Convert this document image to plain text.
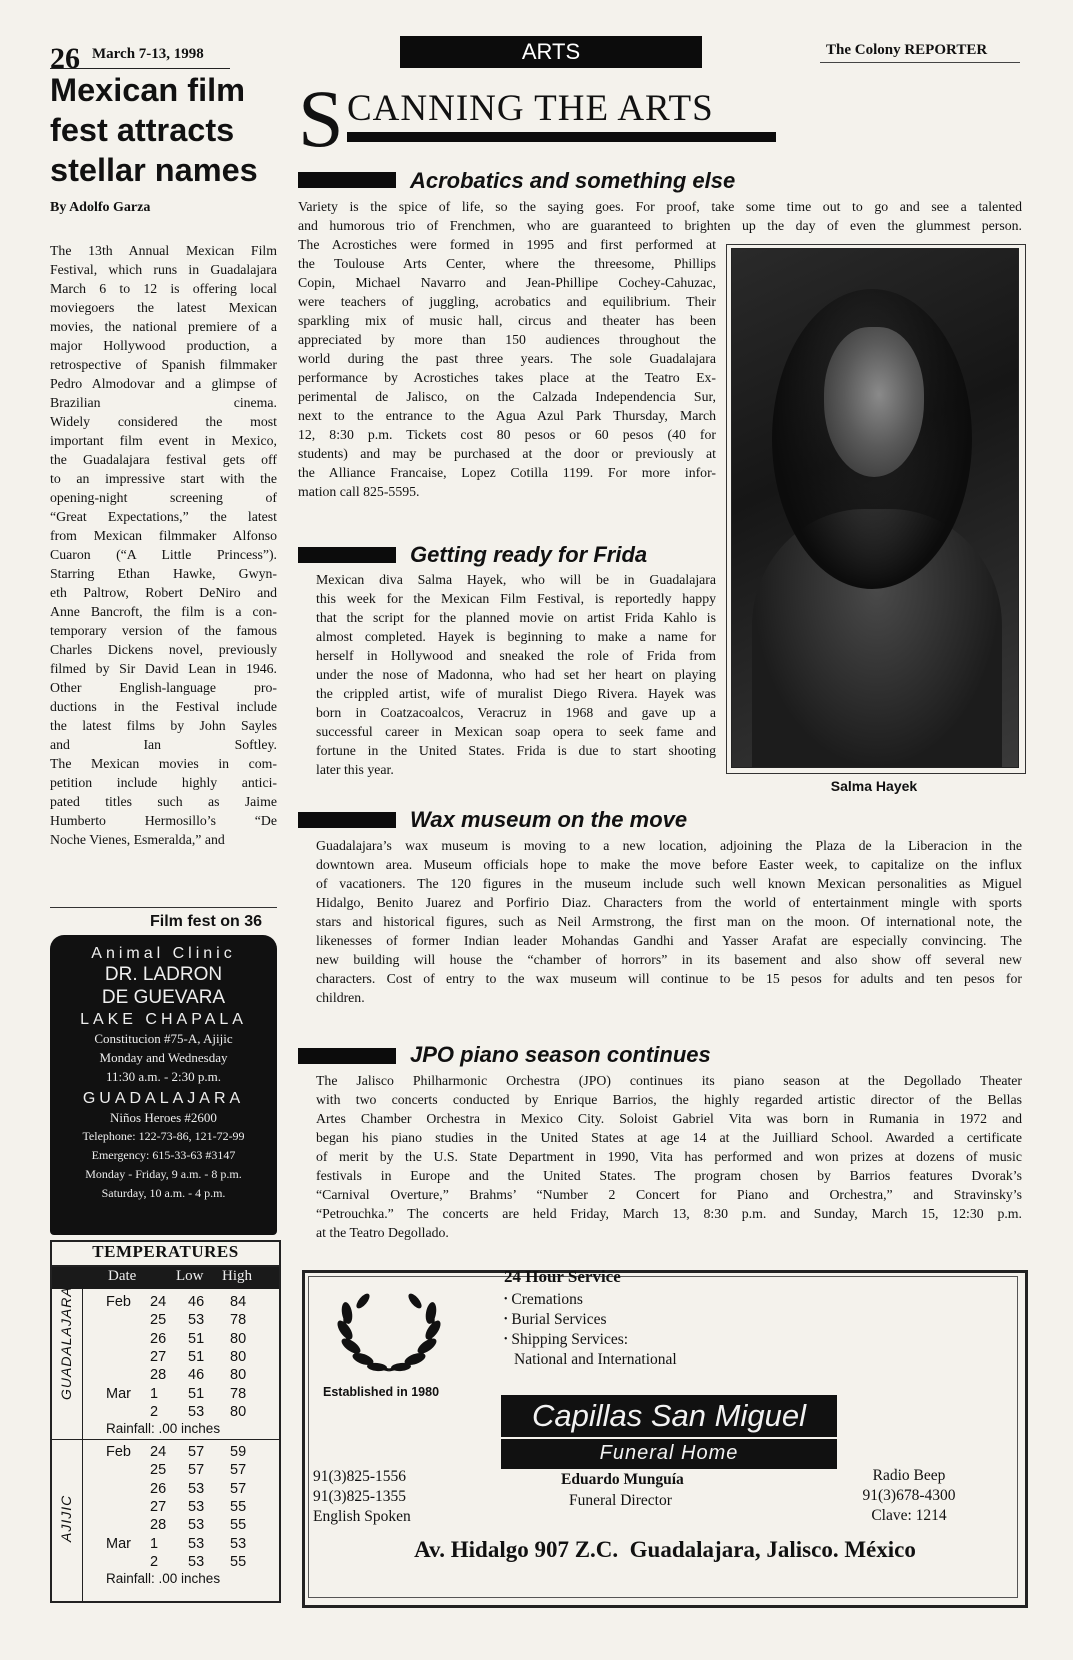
26 March 7-13, 1998	ARTS	The Colony REPORTER
Mexican film
fest attracts
stellar names
By Adolfo Garza
The 13th Annual Mexican Film
Festival, which runs in Guadalajara
March 6 to 12 is offering local
moviegoers the latest Mexican
movies, the national premiere of a
major Hollywood production, a
retrospective of Spanish filmmaker
Pedro Almodovar and a glimpse of
Brazilian cinema.
Widely considered the most
important film event in Mexico,
the Guadalajara festival gets off
to an impressive start with the
opening-night screening of
“Great Expectations,” the latest
from Mexican filmmaker Alfonso
Cuaron (“A Little Princess”).
Starring Ethan Hawke, Gwyn-
eth Paltrow, Robert DeNiro and
Anne Bancroft, the film is a con-
temporary version of the famous
Charles Dickens novel, previously
filmed by Sir David Lean in 1946.
Other English-language pro-
ductions in the Festival include
the latest films by John Sayles
and Ian Softley.
The Mexican movies in com-
petition include highly antici-
pated titles such as Jaime
Humberto Hermosillo’s “De
Noche Vienes, Esmeralda,” and
Film fest on 36
S CANNING THE ARTS
Acrobatics and something else
Variety is the spice of life, so the saying goes. For proof, take some time out to go and see a talented
and humorous trio of Frenchmen, who are guaranteed to brighten up the day of even the glummest person.
The Acrostiches were formed in 1995 and first performed at
the Toulouse Arts Center, where the threesome, Phillips
Copin, Michael Navarro and Jean-Phillipe Cochey-Cahuzac,
were teachers of juggling, acrobatics and equilibrium. Their
sparkling mix of music hall, circus and theater has been
appreciated by more than 150 audiences throughout the
world during the past three years. The sole Guadalajara
performance by Acrostiches takes place at the Teatro Ex-
perimental de Jalisco, on the Calzada Independencia Sur,
next to the entrance to the Agua Azul Park Thursday, March
12, 8:30 p.m. Tickets cost 80 pesos or 60 pesos (40 for
students) and may be purchased at the door or previously at
the Alliance Francaise, Lopez Cotilla 1199. For more infor-
mation call 825-5595.
Salma Hayek
Getting ready for Frida
Mexican diva Salma Hayek, who will be in Guadalajara
this week for the Mexican Film Festival, is reportedly happy
that the script for the planned movie on artist Frida Kahlo is
almost completed. Hayek is beginning to make a name for
herself in Hollywood and sneaked the role of Frida from
under the nose of Madonna, who had set her heart on playing
the crippled artist, wife of muralist Diego Rivera. Hayek was
born in Coatzacoalcos, Veracruz in 1968 and gave up a
successful career in Mexican soap opera to seek fame and
fortune in the United States. Frida is due to start shooting
later this year.
Wax museum on the move
Guadalajara’s wax museum is moving to a new location, adjoining the Plaza de la Liberacion in the
downtown area. Museum officials hope to make the move before Easter week, to capitalize on the influx
of vacationers. The 120 figures in the museum include such well known Mexican personalities as Miguel
Hidalgo, Benito Juarez and Porfirio Diaz. Characters from the world of entertainment mingle with sports
stars and historical figures, such as Neil Armstrong, the first man on the moon. Of international note, the
likenesses of former Indian leader Mohandas Gandhi and Yasser Arafat are especially convincing. The
new building will house the “chamber of horrors” in its basement and also show off several new
characters. Cost of entry to the wax museum will continue to be 15 pesos for adults and ten pesos for
children.
JPO piano season continues
The Jalisco Philharmonic Orchestra (JPO) continues its piano season at the Degollado Theater
with two concerts conducted by Enrique Barrios, the highly regarded artistic director of the Bellas
Artes Chamber Orchestra in Mexico City. Soloist Gabriel Vita was born in Rumania in 1972 and
began his piano studies in the United States at age 14 at the Juilliard School. Awarded a certificate
of merit by the U.S. State Department in 1990, Vita has performed and won prizes at dozens of music
festivals in Europe and the United States. The program chosen by Barrios features Dvorak’s
“Carnival Overture,” Brahms’ “Number 2 Concert for Piano and Orchestra,” and Stravinsky’s
“Petrouchka.” The concerts are held Friday, March 13, 8:30 p.m. and Sunday, March 15, 12:30 p.m.
at the Teatro Degollado.
Animal Clinic
DR. LADRON
DE GUEVARA
LAKE CHAPALA
Constitucion #75-A, Ajijic
Monday and Wednesday
11:30 a.m. - 2:30 p.m.
GUADALAJARA
Niños Heroes #2600
Telephone: 122-73-86, 121-72-99
Emergency: 615-33-63 #3147
Monday - Friday, 9 a.m. - 8 p.m.
Saturday, 10 a.m. - 4 p.m.
TEMPERATURES
Date	Low High
GUADALAJARA
AJIJIC
Feb 24 46 84
25 53 78
26 51 80
27 51 80
28 46 80
Mar 1 51 78
2 53 80
Rainfall: .00 inches
Feb 24 57 59
25 57 57
26 53 57
27 53 55
28 53 55
Mar 1 53 53
2 53 55
Rainfall: .00 inches
Established in 1980
24 Hour Service
• Cremations
• Burial Services
• Shipping Services:
National and International
Capillas San Miguel
Funeral Home
91(3)825-1556
91(3)825-1355
English Spoken
Eduardo Munguía
Funeral Director
Radio Beep
91(3)678-4300
Clave: 1214
Av. Hidalgo 907 Z.C.  Guadalajara, Jalisco. México
